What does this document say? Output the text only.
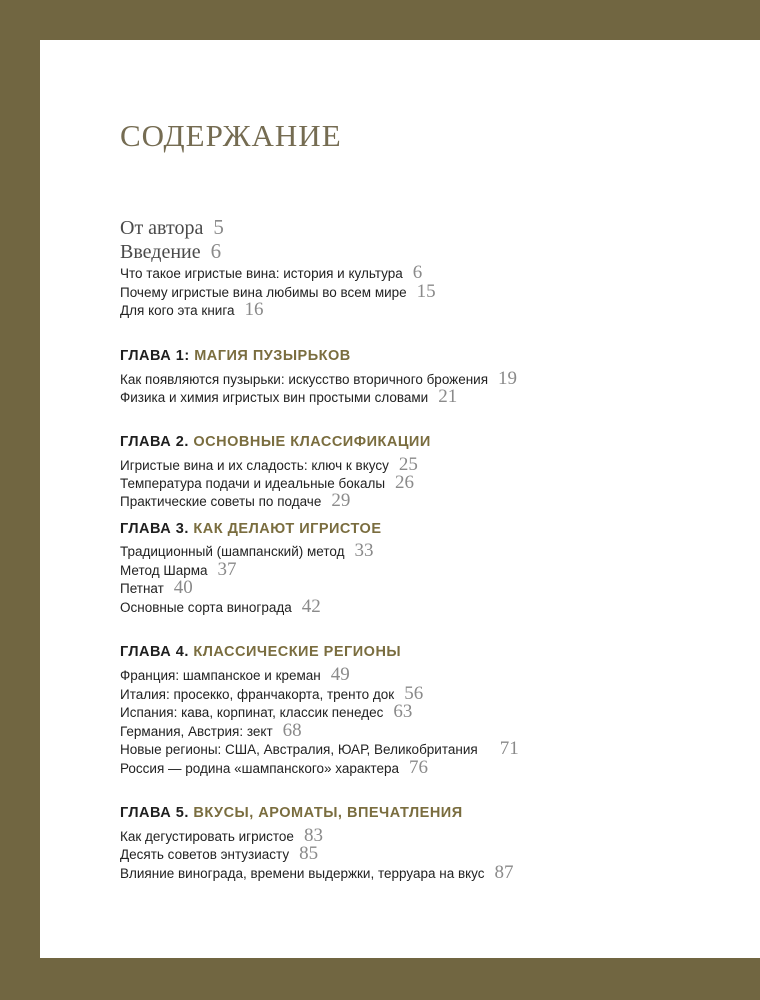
СОДЕРЖАНИЕ
От автора 5
Введение 6
Что такое игристые вина: история и культура 6
Почему игристые вина любимы во всем мире 15
Для кого эта книга 16
ГЛАВА 1: МАГИЯ ПУЗЫРЬКОВ
Как появляются пузырьки: искусство вторичного брожения 19
Физика и химия игристых вин простыми словами 21
ГЛАВА 2. ОСНОВНЫЕ КЛАССИФИКАЦИИ
Игристые вина и их сладость: ключ к вкусу 25
Температура подачи и идеальные бокалы 26
Практические советы по подаче 29
ГЛАВА 3. КАК ДЕЛАЮТ ИГРИСТОЕ
Традиционный (шампанский) метод 33
Метод Шарма 37
Петнат 40
Основные сорта винограда 42
ГЛАВА 4. КЛАССИЧЕСКИЕ РЕГИОНЫ
Франция: шампанское и креман 49
Италия: просекко, франчакорта, тренто док 56
Испания: кава, корпинат, классик пенедес 63
Германия, Австрия: зект 68
Новые регионы: США, Австралия, ЮАР, Великобритания 71
Россия — родина «шампанского» характера 76
ГЛАВА 5. ВКУСЫ, АРОМАТЫ, ВПЕЧАТЛЕНИЯ
Как дегустировать игристое 83
Десять советов энтузиасту 85
Влияние винограда, времени выдержки, терруара на вкус 87
